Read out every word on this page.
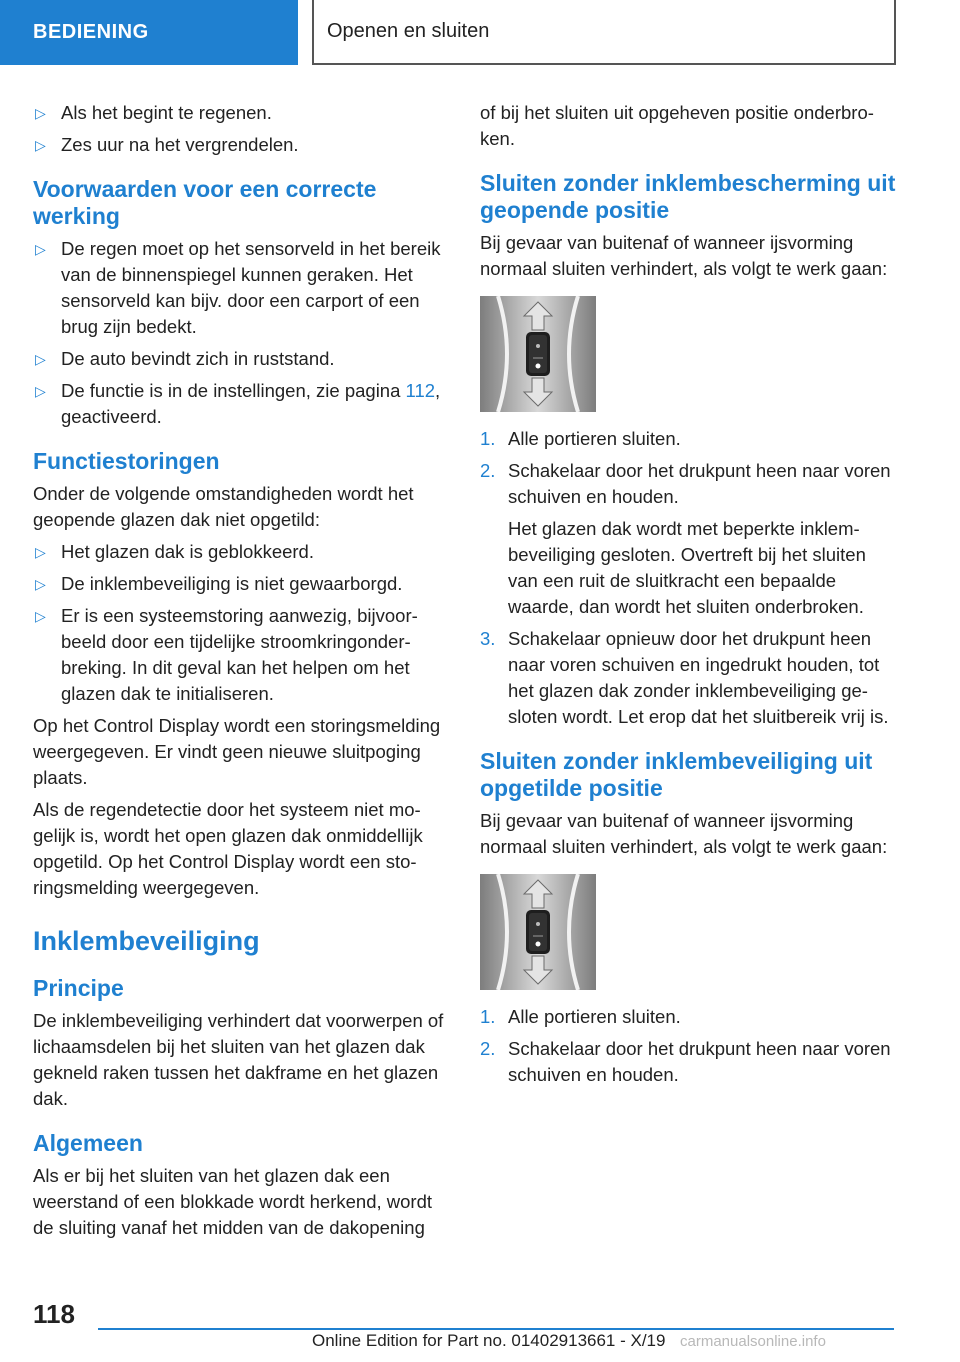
BEDIENING	Openen en sluiten
▷ Als het begint te regenen.
▷ Zes uur na het vergrendelen.
Voorwaarden voor een correcte werking
▷ De regen moet op het sensorveld in het bereik van de binnenspiegel kunnen geraken. Het sensorveld kan bijv. door een carport of een brug zijn bedekt.
▷ De auto bevindt zich in ruststand.
▷ De functie is in de instellingen, zie pagina 112, geactiveerd.
Functiestoringen

Onder de volgende omstandigheden wordt het geopende glazen dak niet opgetild:

▷ Het glazen dak is geblokkeerd.
▷ De inklembeveiliging is niet gewaarborgd.
▷ Er is een systeemstoring aanwezig, bijvoorbeeld door een tijdelijke stroomkringonderbreking. In dit geval kan het helpen om het glazen dak te initialiseren.

Op het Control Display wordt een storingsmelding weergegeven. Er vindt geen nieuwe sluitpoging plaats.

Als de regendetectie door het systeem niet mogelijk is, wordt het open glazen dak onmiddellijk opgetild. Op het Control Display wordt een storingsmelding weergegeven.

Inklembeveiliging
Principe

De inklembeveiliging verhindert dat voorwerpen of lichaamsdelen bij het sluiten van het glazen dak gekneld raken tussen het dakframe en het glazen dak.

Algemeen

Als er bij het sluiten van het glazen dak een weerstand of een blokkade wordt herkend, wordt de sluiting vanaf het midden van de dakopening

of bij het sluiten uit opgeheven positie onderbroken.

Sluiten zonder inklembescherming uit geopende positie

Bij gevaar van buitenaf of wanneer ijsvorming normaal sluiten verhindert, als volgt te werk gaan:

1. Alle portieren sluiten.
2. Schakelaar door het drukpunt heen naar voren schuiven en houden.
Het glazen dak wordt met beperkte inklembeveiliging gesloten. Overtreft bij het sluiten van een ruit de sluitkracht een bepaalde waarde, dan wordt het sluiten onderbroken.
3. Schakelaar opnieuw door het drukpunt heen naar voren schuiven en ingedrukt houden, tot het glazen dak zonder inklembeveiliging gesloten wordt. Let erop dat het sluitbereik vrij is.
Sluiten zonder inklembeveiliging uit opgetilde positie

Bij gevaar van buitenaf of wanneer ijsvorming normaal sluiten verhindert, als volgt te werk gaan:

1. Alle portieren sluiten.
2. Schakelaar door het drukpunt heen naar voren schuiven en houden.
118
Online Edition for Part no. 01402913661 - X/19 carmanualsonline.info
